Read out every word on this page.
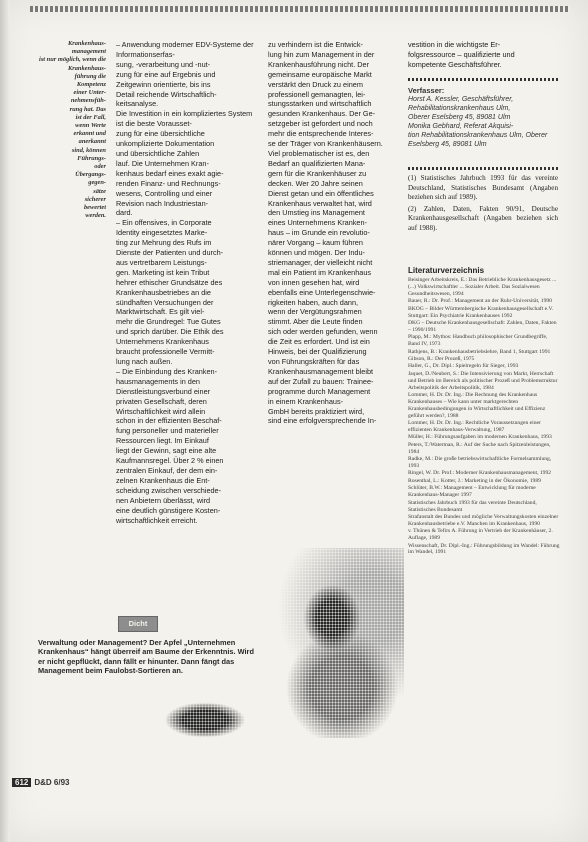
Krankenhaus-
management
ist nur möglich, wenn die
Krankenhaus-
führung die
Kompetenz
einer Unter-
nehmensfüh-
rung hat. Das
ist der Fall,
wenn Werte
erkannt und
anerkannt
sind, können
Führungs-
oder
Übergangs-
gegen-
sätze
sicherer
bewertet
werden.
– Anwendung moderner EDV-Systeme der Informationserfas-
sung, -verarbeitung und -nut-
zung für eine auf Ergebnis und
Zeitgewinn orientierte, bis ins
Detail reichende Wirtschaftlich-
keitsanalyse.
Die Investition in ein kompliziertes System ist die beste Vorausset-
zung für eine übersichtliche
unkomplizierte Dokumentation
und übersichtliche Zahlen
lauf. Die Unternehmen Kran-
kenhaus bedarf eines exakt agie-
renden Finanz- und Rechnungs-
wesens, Controlling und einer
Revision nach Industriestan-
dard.
– Ein offensives, in Corporate
Identity eingesetztes Marke-
ting zur Mehrung des Rufs im
Dienste der Patienten und durch-
aus vertretbarem Leistungs-
gen. Marketing ist kein Tribut
hehrer ethischer Grundsätze des
Krankenhausbetriebes an die
sündhaften Versuchungen der
Marktwirtschaft. Es gilt viel-
mehr die Grundregel: Tue Gutes
und sprich darüber. Die Ethik des
Unternehmens Krankenhaus
braucht professionelle Vermitt-
lung nach außen.
– Die Einbindung des Kranken-
hausmanagements in den
Dienstleistungsverbund einer
privaten Gesellschaft, deren
Wirtschaftlichkeit wird allein
schon in der effizienten Beschaf-
fung personeller und materieller
Ressourcen liegt. Im Einkauf
liegt der Gewinn, sagt eine alte
Kaufmannsregel. Über 2 % einen
zentralen Einkauf, der dem ein-
zelnen Krankenhaus die Ent-
scheidung zwischen verschiede-
nen Anbietern überlässt, wird
eine deutlich günstigere Kosten-
wirtschaftlichkeit erreicht.
zu verhindern ist die Entwick-
lung hin zum Management in der
Krankenhausführung nicht. Der
gemeinsame europäische Markt
verstärkt den Druck zu einem
professionell gemanagten, lei-
stungsstarken und wirtschaftlich
gesunden Krankenhaus. Der Ge-
setzgeber ist gefordert und noch
mehr die entsprechende Interes-
se der Träger von Krankenhäusern.
Viel problematischer ist es, den
Bedarf an qualifizierten Mana-
gern für die Krankenhäuser zu
decken. Wer 20 Jahre seinen
Dienst getan und ein öffentliches
Krankenhaus verwaltet hat, wird
den Umstieg ins Management
eines Unternehmens Kranken-
haus – im Grunde ein revolutio-
närer Vorgang – kaum führen
können und mögen. Der Indu-
striemanager, der vielleicht nicht
mal ein Patient im Krankenhaus
von innen gesehen hat, wird
ebenfalls eine Unterlegenschwie-
rigkeiten haben, auch dann,
wenn der Vergütungsrahmen
stimmt. Aber die Leute finden
sich oder werden gefunden, wenn
die Zeit es erfordert. Und ist ein
Hinweis, bei der Qualifizierung
von Führungskräften für das
Krankenhausmanagement bleibt
auf der Zufall zu bauen: Trainee-
programme durch Management
in einem Krankenhaus-
GmbH bereits praktiziert wird,
sind eine erfolgversprechende In-
vestition in die wichtigste Er-
folgsressource – qualifizierte und
kompetente Geschäftsführer.
Verfasser:
Horst A. Kessler, Geschäftsführer,
Rehabilitationskrankenhaus Ulm,
Oberer Eselsberg 45, 89081 Ulm
Monika Gebhard, Referat Akquisi-
tion Rehabilitationskrankenhaus Ulm, Oberer
Eselsberg 45, 89081 Ulm

(1) Statistisches Jahrbuch 1993 für das vereinte Deutschland, Statistisches Bundesamt (Angaben beziehen sich auf 1989).

(2) Zahlen, Daten, Fakten 90/91, Deutsche Krankenhausgesellschaft (Angaben beziehen sich auf 1988).

Literaturverzeichnis

Beisinger Arbeitskreis, E.: Das Betriebliche Krankenhausgesetz ... (...) Volkswirtschaftler ... Sozialer Arbeit. Das Sozialwesen Gesundheitswesen, 1994

Bauer, R.: Dr. Prof.: Management an der Ruhr-Universität, 1990

BKOG – Bilder Württembergische Krankenhausgesellschaft e.V. Stuttgart: Ein Psychiatrie Krankenhauses 1992

DKG – Deutsche Krankenhausgesellschaft: Zahlen, Daten, Fakten – 1990/1991

Plapp, M.: Mythos: Handbuch philosophischer Grundbegriffe, Band IV, 1973

Rathjens, B.: Krankenhausbetriebslehre, Band 1, Stuttgart 1991

Gibson, R.: Der Prozeß, 1975

Haller, G., Dr. Dipl.: Spielregeln für Sieger, 1993

Jaquet, D./Neubert, S.: Die Intensivierung von Markt, Herrschaft und Betrieb im Bereich als politischer Prozeß und Problemstruktur Arbeitspolitik der Arbeitspolitik, 1984

Lommer, H. Dr. Dr. Ing.: Die Rechnung des Krankenhaus Krankenhauses – Wie kann unter marktgerechten Krankenhausbedingungen in Wirtschaftlichkeit und Effizienz geführt werden?, 1988

Lommer, H. Dr. Dr. Ing.: Rechtliche Voraussetzungen einer effizienten Krankenhaus-Verwaltung, 1987

Müller, H.: Führungsaufgaben im modernen Krankenhaus, 1993

Peters, T./Waterman, R.: Auf der Suche nach Spitzenleistungen, 1984

Radke, M.: Die große betriebswirtschaftliche Formelsammlung, 1993

Ringel, W. Dr. Prof.: Moderner Krankenhausmanagement, 1992

Rosenthal, L.: Kotter, J.: Marketing in der Ökonomie, 1989

Schlüter, B.W.: Management – Entwicklung für moderne Krankenhaus-Manager 1997

Statistisches Jahrbuch 1993 für das vereinte Deutschland, Statistisches Bundesamt

Strafanstalt des Bundes und mögliche Verwaltungskosten einzelner Krankenhausbetriebe e.V. Manchen im Krankenhaus, 1990

v. Thünen & Tefirs A. Führung in Vertrieb der Krankenhäuser, 2. Auflage, 1989

Wissenschaft, Dr. Dipl.-Ing.: Führungsbildung im Wandel: Führung im Wandel, 1991

Dicht
Verwaltung oder Management? Der Apfel „Unternehmen Krankenhaus“ hängt überreif am Baume der Erkenntnis. Wird er nicht gepflückt, dann fällt er hinunter. Dann fängt das Management beim Faulobst-Sortieren an.
612 D&D 6/93
